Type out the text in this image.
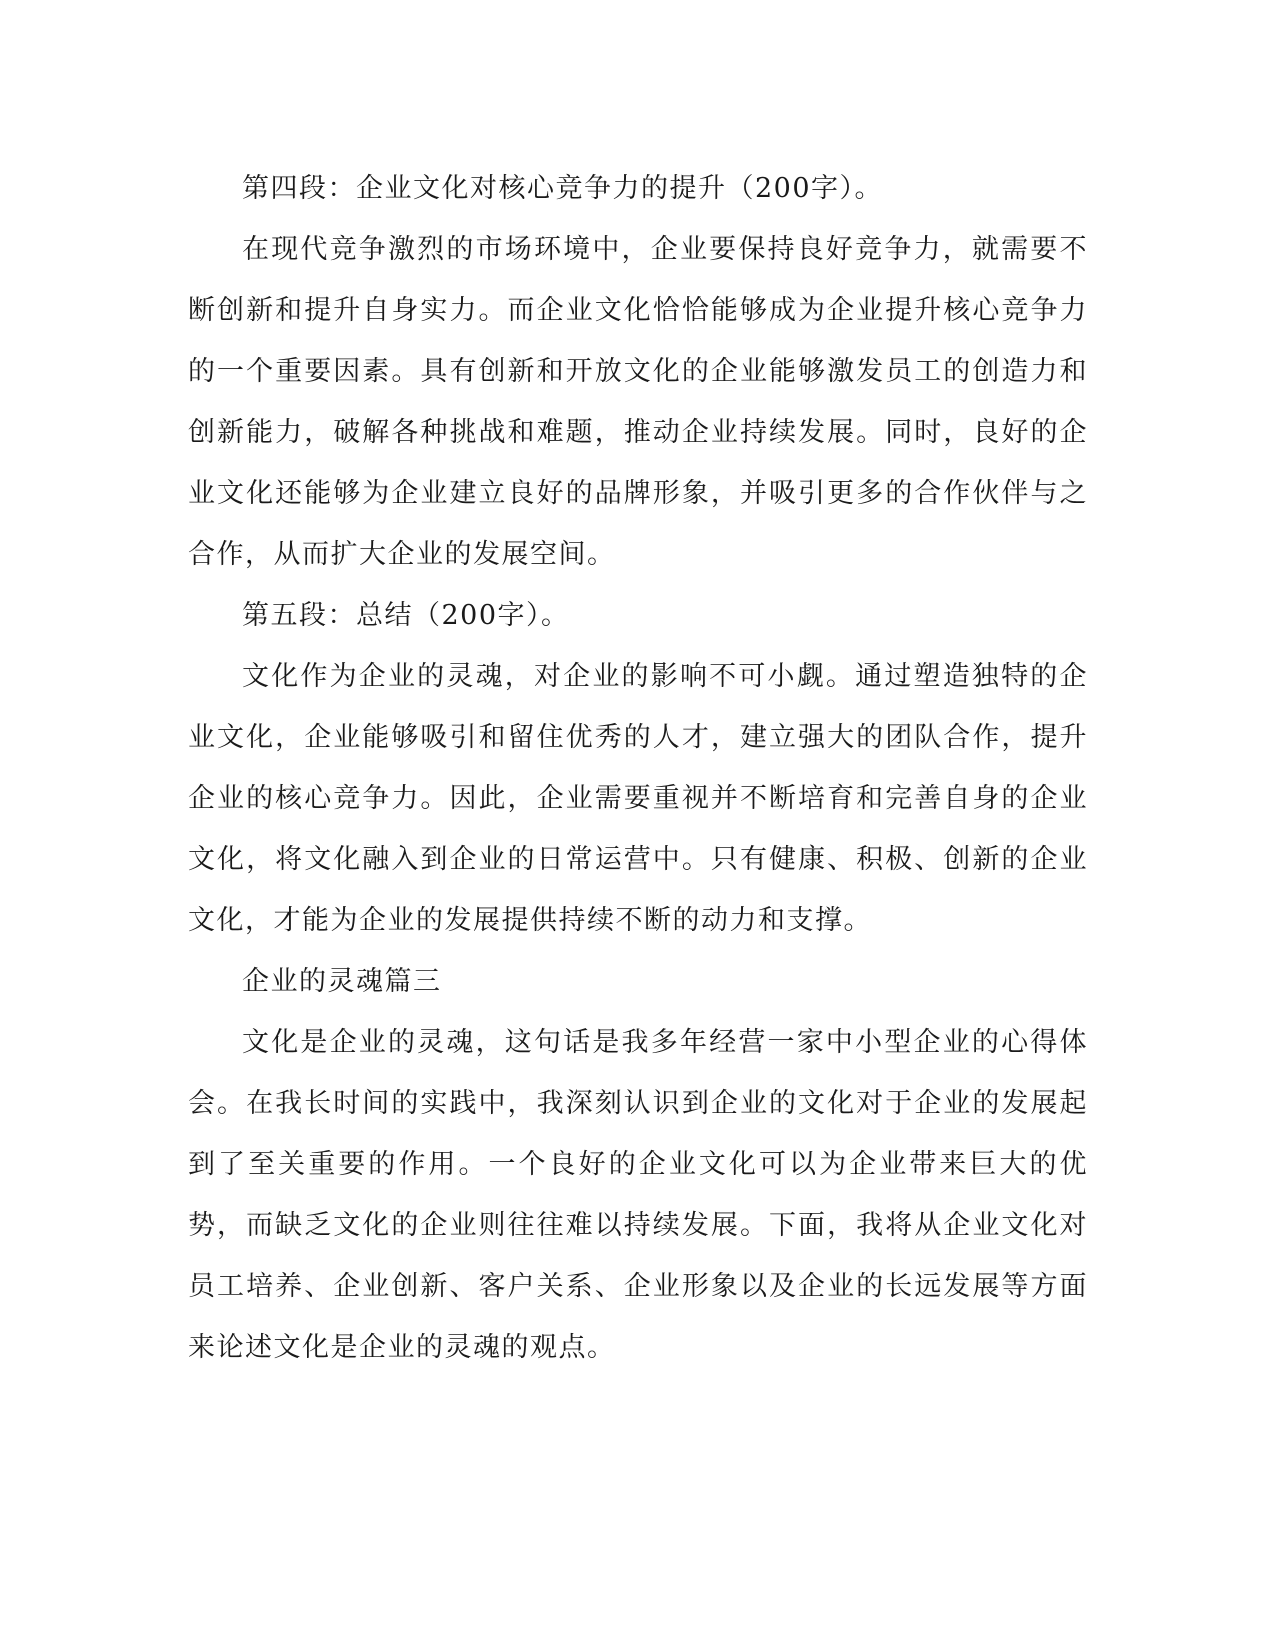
第四段：企业文化对核心竞争力的提升（200字）。

在现代竞争激烈的市场环境中，企业要保持良好竞争力，就需要不断创新和提升自身实力。而企业文化恰恰能够成为企业提升核心竞争力的一个重要因素。具有创新和开放文化的企业能够激发员工的创造力和创新能力，破解各种挑战和难题，推动企业持续发展。同时，良好的企业文化还能够为企业建立良好的品牌形象，并吸引更多的合作伙伴与之合作，从而扩大企业的发展空间。

第五段：总结（200字）。

文化作为企业的灵魂，对企业的影响不可小觑。通过塑造独特的企业文化，企业能够吸引和留住优秀的人才，建立强大的团队合作，提升企业的核心竞争力。因此，企业需要重视并不断培育和完善自身的企业文化，将文化融入到企业的日常运营中。只有健康、积极、创新的企业文化，才能为企业的发展提供持续不断的动力和支撑。

企业的灵魂篇三

文化是企业的灵魂，这句话是我多年经营一家中小型企业的心得体会。在我长时间的实践中，我深刻认识到企业的文化对于企业的发展起到了至关重要的作用。一个良好的企业文化可以为企业带来巨大的优势，而缺乏文化的企业则往往难以持续发展。下面，我将从企业文化对员工培养、企业创新、客户关系、企业形象以及企业的长远发展等方面来论述文化是企业的灵魂的观点。
